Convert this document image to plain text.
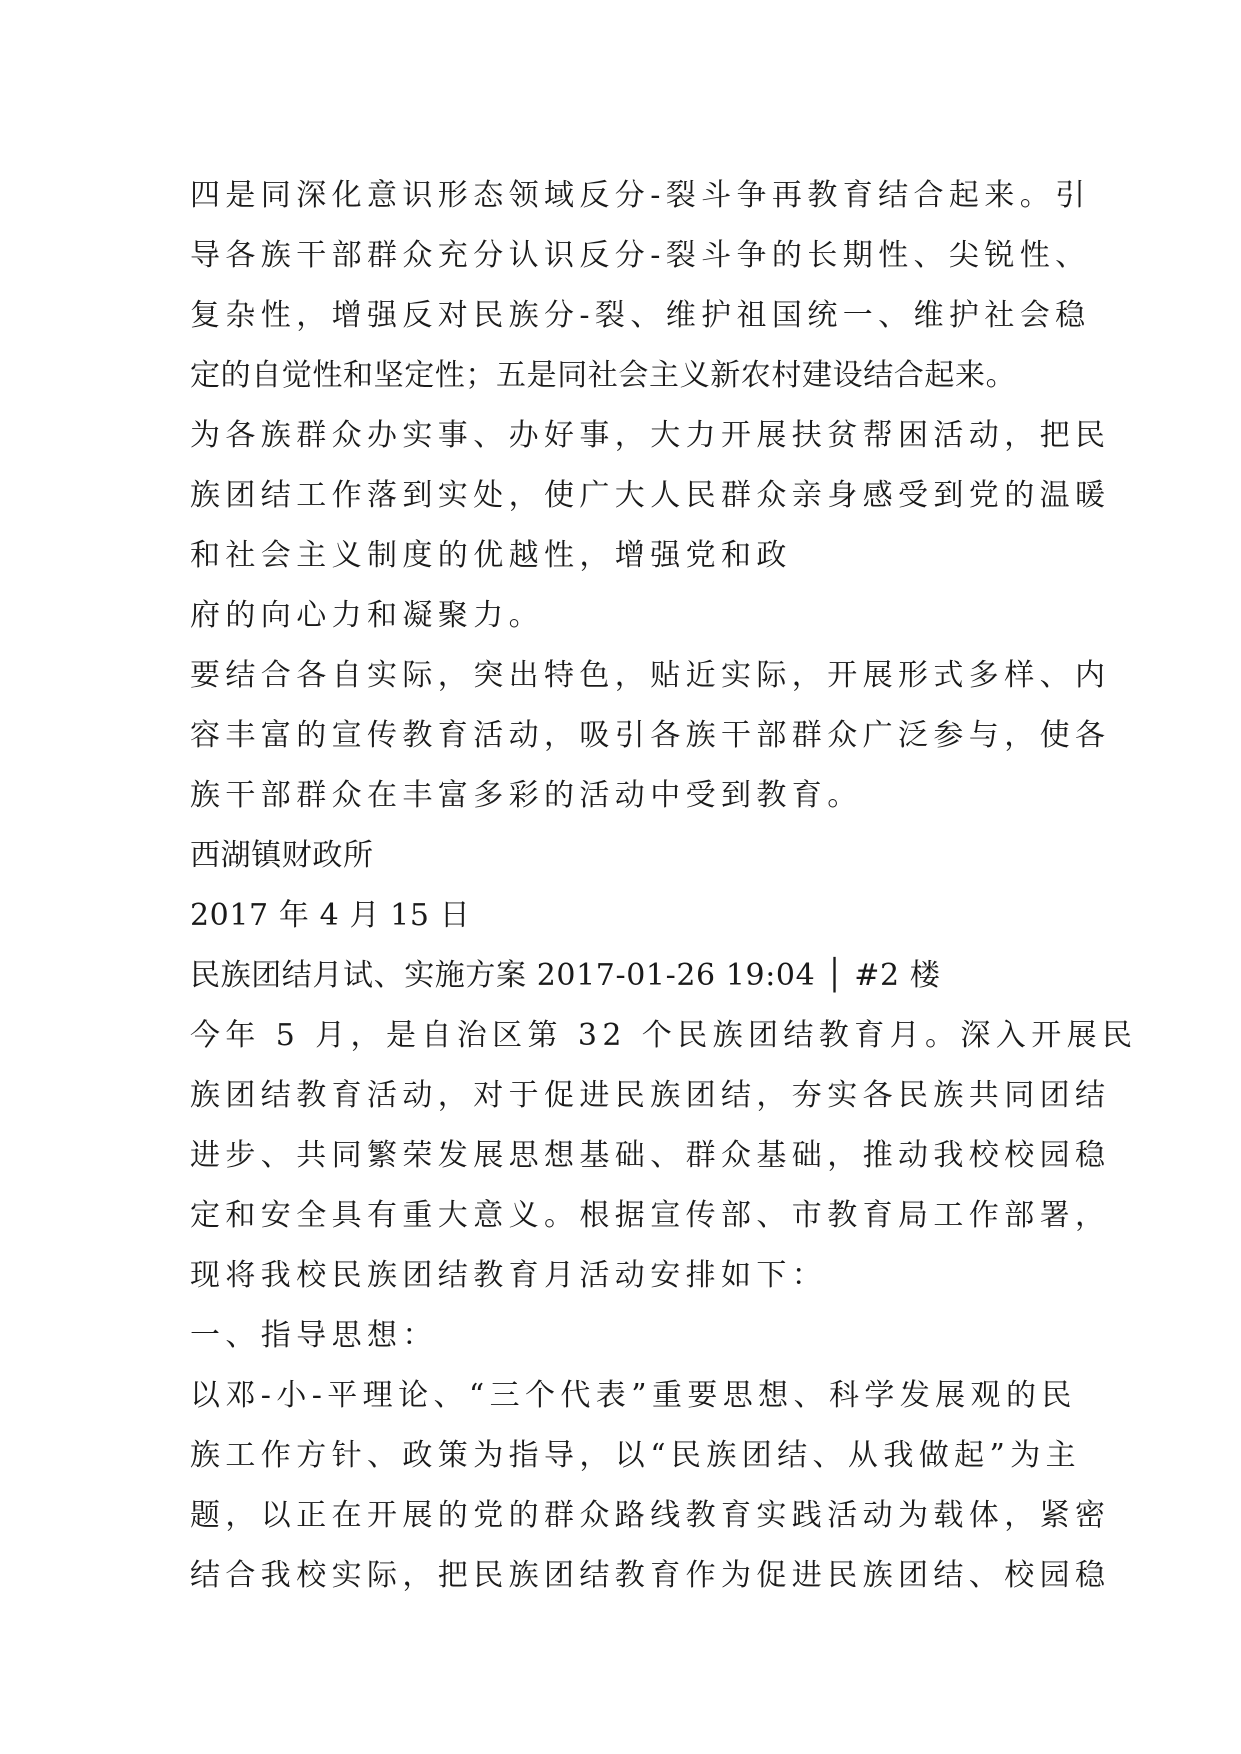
四是同深化意识形态领域反分-裂斗争再教育结合起来。引
导各族干部群众充分认识反分-裂斗争的长期性、尖锐性、
复杂性，增强反对民族分-裂、维护祖国统一、维护社会稳
定的自觉性和坚定性；五是同社会主义新农村建设结合起来。
为各族群众办实事、办好事，大力开展扶贫帮困活动，把民
族团结工作落到实处，使广大人民群众亲身感受到党的温暖
和社会主义制度的优越性，增强党和政
府的向心力和凝聚力。
要结合各自实际，突出特色，贴近实际，开展形式多样、内
容丰富的宣传教育活动，吸引各族干部群众广泛参与，使各
族干部群众在丰富多彩的活动中受到教育。
西湖镇财政所
2017 年 4 月 15 日
民族团结月试、实施方案 2017-01-26 19:04 │ #2 楼
今年 5 月，是自治区第 32 个民族团结教育月。深入开展民
族团结教育活动，对于促进民族团结，夯实各民族共同团结
进步、共同繁荣发展思想基础、群众基础，推动我校校园稳
定和安全具有重大意义。根据宣传部、市教育局工作部署，
现将我校民族团结教育月活动安排如下：
一、指导思想：
以邓-小-平理论、“三个代表”重要思想、科学发展观的民
族工作方针、政策为指导，以“民族团结、从我做起”为主
题，以正在开展的党的群众路线教育实践活动为载体，紧密
结合我校实际，把民族团结教育作为促进民族团结、校园稳
